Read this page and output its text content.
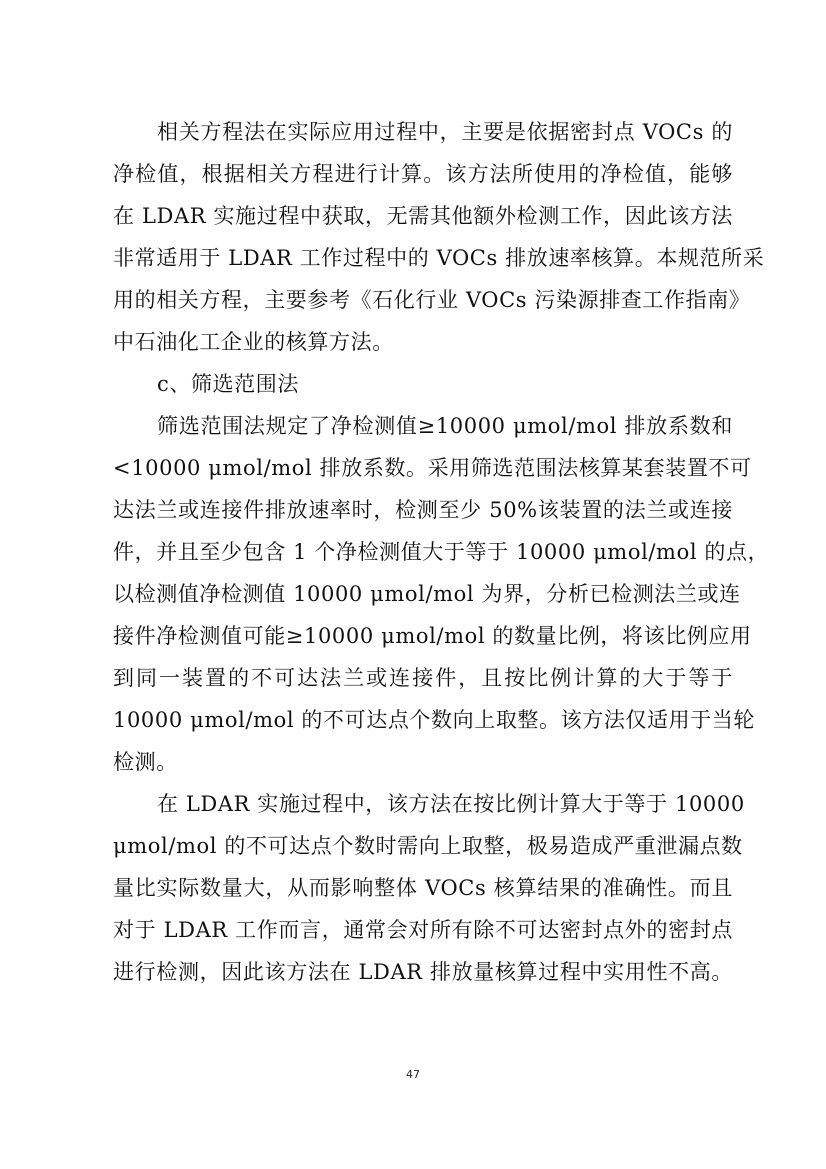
相关方程法在实际应用过程中，主要是依据密封点 VOCs 的
净检值，根据相关方程进行计算。该方法所使用的净检值，能够
在 LDAR 实施过程中获取，无需其他额外检测工作，因此该方法
非常适用于 LDAR 工作过程中的 VOCs 排放速率核算。本规范所采
用的相关方程，主要参考《石化行业 VOCs 污染源排查工作指南》
中石油化工企业的核算方法。
c、筛选范围法
筛选范围法规定了净检测值≥10000 μmol/mol 排放系数和
<10000 μmol/mol 排放系数。采用筛选范围法核算某套装置不可
达法兰或连接件排放速率时，检测至少 50%该装置的法兰或连接
件，并且至少包含 1 个净检测值大于等于 10000 μmol/mol 的点，
以检测值净检测值 10000 μmol/mol 为界，分析已检测法兰或连
接件净检测值可能≥10000 μmol/mol 的数量比例，将该比例应用
到同一装置的不可达法兰或连接件，且按比例计算的大于等于
10000 μmol/mol 的不可达点个数向上取整。该方法仅适用于当轮
检测。
在 LDAR 实施过程中，该方法在按比例计算大于等于 10000
μmol/mol 的不可达点个数时需向上取整，极易造成严重泄漏点数
量比实际数量大，从而影响整体 VOCs 核算结果的准确性。而且
对于 LDAR 工作而言，通常会对所有除不可达密封点外的密封点
进行检测，因此该方法在 LDAR 排放量核算过程中实用性不高。
47
